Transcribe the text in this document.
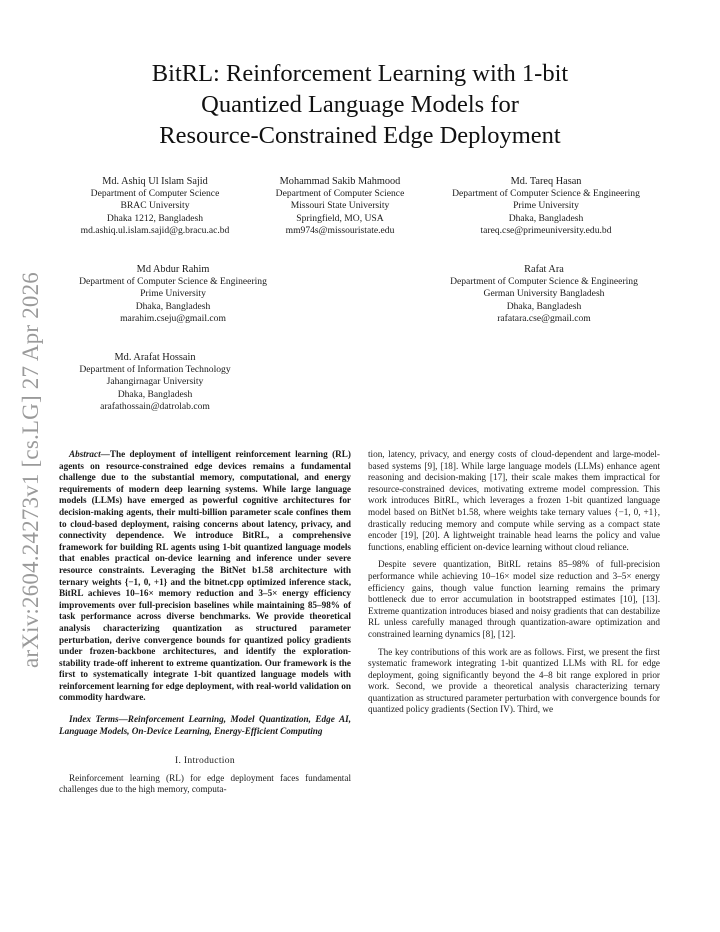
arXiv:2604.24273v1 [cs.LG] 27 Apr 2026
BitRL: Reinforcement Learning with 1-bit
Quantized Language Models for
Resource-Constrained Edge Deployment
Md. Ashiq Ul Islam Sajid
Department of Computer Science
BRAC University
Dhaka 1212, Bangladesh
md.ashiq.ul.islam.sajid@g.bracu.ac.bd
Mohammad Sakib Mahmood
Department of Computer Science
Missouri State University
Springfield, MO, USA
mm974s@missouristate.edu
Md. Tareq Hasan
Department of Computer Science & Engineering
Prime University
Dhaka, Bangladesh
tareq.cse@primeuniversity.edu.bd
Md Abdur Rahim
Department of Computer Science & Engineering
Prime University
Dhaka, Bangladesh
marahim.cseju@gmail.com
Rafat Ara
Department of Computer Science & Engineering
German University Bangladesh
Dhaka, Bangladesh
rafatara.cse@gmail.com
Md. Arafat Hossain
Department of Information Technology
Jahangirnagar University
Dhaka, Bangladesh
arafathossain@datrolab.com

Abstract—The deployment of intelligent reinforcement learning (RL) agents on resource-constrained edge devices remains a fundamental challenge due to the substantial memory, computational, and energy requirements of modern deep learning systems. While large language models (LLMs) have emerged as powerful cognitive architectures for decision-making agents, their multi-billion parameter scale confines them to cloud-based deployment, raising concerns about latency, privacy, and connectivity dependence. We introduce BitRL, a comprehensive framework for building RL agents using 1-bit quantized language models that enables practical on-device learning and inference under severe resource constraints. Leveraging the BitNet b1.58 architecture with ternary weights {−1, 0, +1} and the bitnet.cpp optimized inference stack, BitRL achieves 10–16× memory reduction and 3–5× energy efficiency improvements over full-precision baselines while maintaining 85–98% of task performance across diverse benchmarks. We provide theoretical analysis characterizing quantization as structured parameter perturbation, derive convergence bounds for quantized policy gradients under frozen-backbone architectures, and identify the exploration-stability trade-off inherent to extreme quantization. Our framework is the first to systematically integrate 1-bit quantized language models with reinforcement learning for edge deployment, with real-world validation on commodity hardware.

Index Terms—Reinforcement Learning, Model Quantization, Edge AI, Language Models, On-Device Learning, Energy-Efficient Computing

I. Introduction

Reinforcement learning (RL) for edge deployment faces fundamental challenges due to the high memory, computa-

tion, latency, privacy, and energy costs of cloud-dependent and large-model-based systems [9], [18]. While large language models (LLMs) enhance agent reasoning and decision-making [17], their scale makes them impractical for resource-constrained devices, motivating extreme model compression. This work introduces BitRL, which leverages a frozen 1-bit quantized language model based on BitNet b1.58, where weights take ternary values {−1, 0, +1}, drastically reducing memory and compute while serving as a compact state encoder [19], [20]. A lightweight trainable head learns the policy and value functions, enabling efficient on-device learning without cloud reliance.

Despite severe quantization, BitRL retains 85–98% of full-precision performance while achieving 10–16× model size reduction and 3–5× energy efficiency gains, though value function learning remains the primary bottleneck due to error accumulation in bootstrapped estimates [10], [13]. Extreme quantization introduces biased and noisy gradients that can destabilize RL unless carefully managed through quantization-aware optimization and constrained learning dynamics [8], [12].

The key contributions of this work are as follows. First, we present the first systematic framework integrating 1-bit quantized LLMs with RL for edge deployment, going significantly beyond the 4–8 bit range explored in prior work. Second, we provide a theoretical analysis characterizing ternary quantization as structured parameter perturbation with convergence bounds for quantized policy gradients (Section IV). Third, we
